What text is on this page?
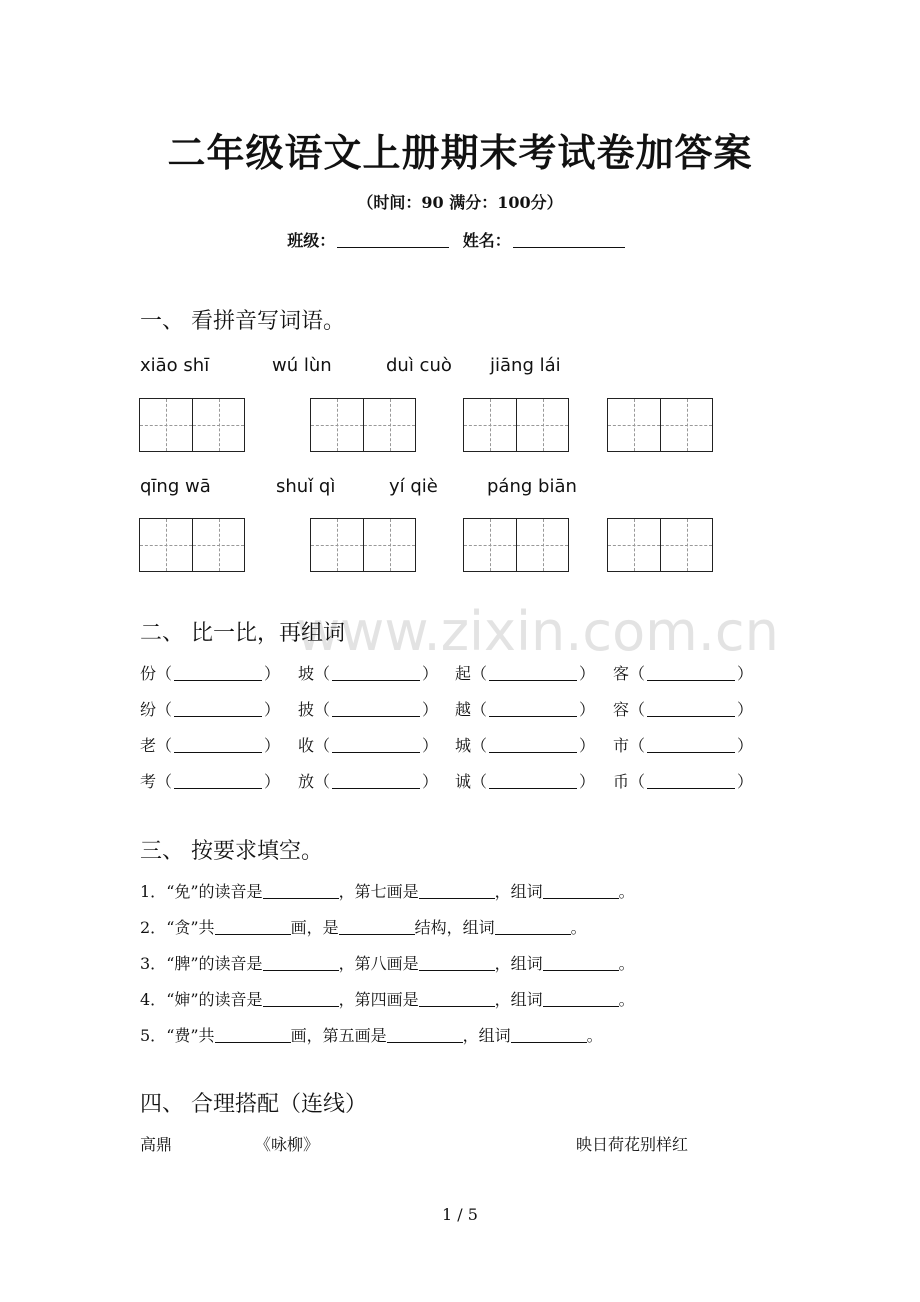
www.zixin.com.cn
二年级语文上册期末考试卷加答案
（时间：90 满分：100分）
班级：	姓名：
一、 看拼音写词语。
xiāo shī	wú lùn	duì cuò jiāng lái
qīng wā	shuǐ qì	yí qiè	páng biān
二、 比一比，再组词
份（	） 坡（	） 起（	） 客（	）
纷（	） 披（	） 越（	） 容（	）
老（	） 收（	） 城（	） 市（	）
考（	） 放（	） 诚（	） 币（	）
三、 按要求填空。
1．“免”的读音是	，第七画是	，组词	。
2．“贪”共	画，是	结构，组词	。
3．“脾”的读音是	，第八画是	，组词	。
4．“婶”的读音是	，第四画是	，组词	。
5．“费”共	画，第五画是	，组词	。
四、 合理搭配（连线）
高鼎	《咏柳》	映日荷花别样红
1 / 5
